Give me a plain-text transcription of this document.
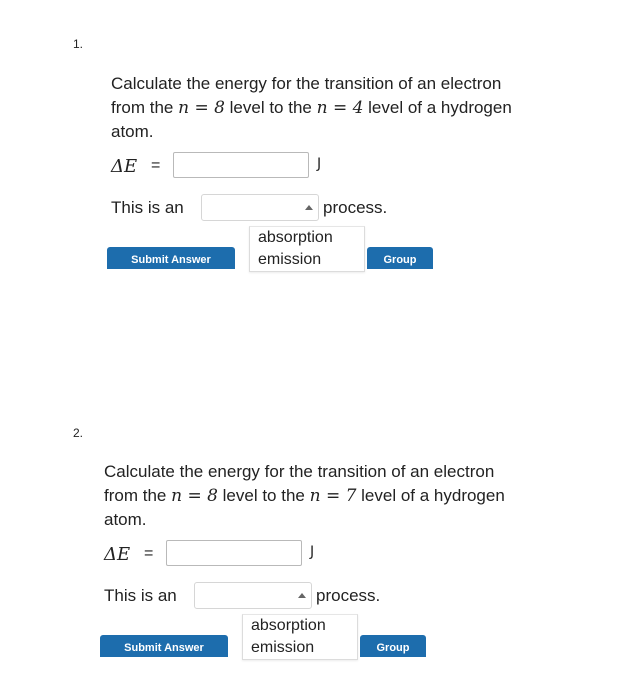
1.

Calculate the energy for the transition of an electron from the n = 8 level to the n = 4 level of a hydrogen atom.

ΔE =	J
This is an	process.
Submit Answer	Group
absorption
emission
2.

Calculate the energy for the transition of an electron from the n = 8 level to the n = 7 level of a hydrogen atom.

ΔE =	J
This is an	process.
Submit Answer	Group
absorption
emission
